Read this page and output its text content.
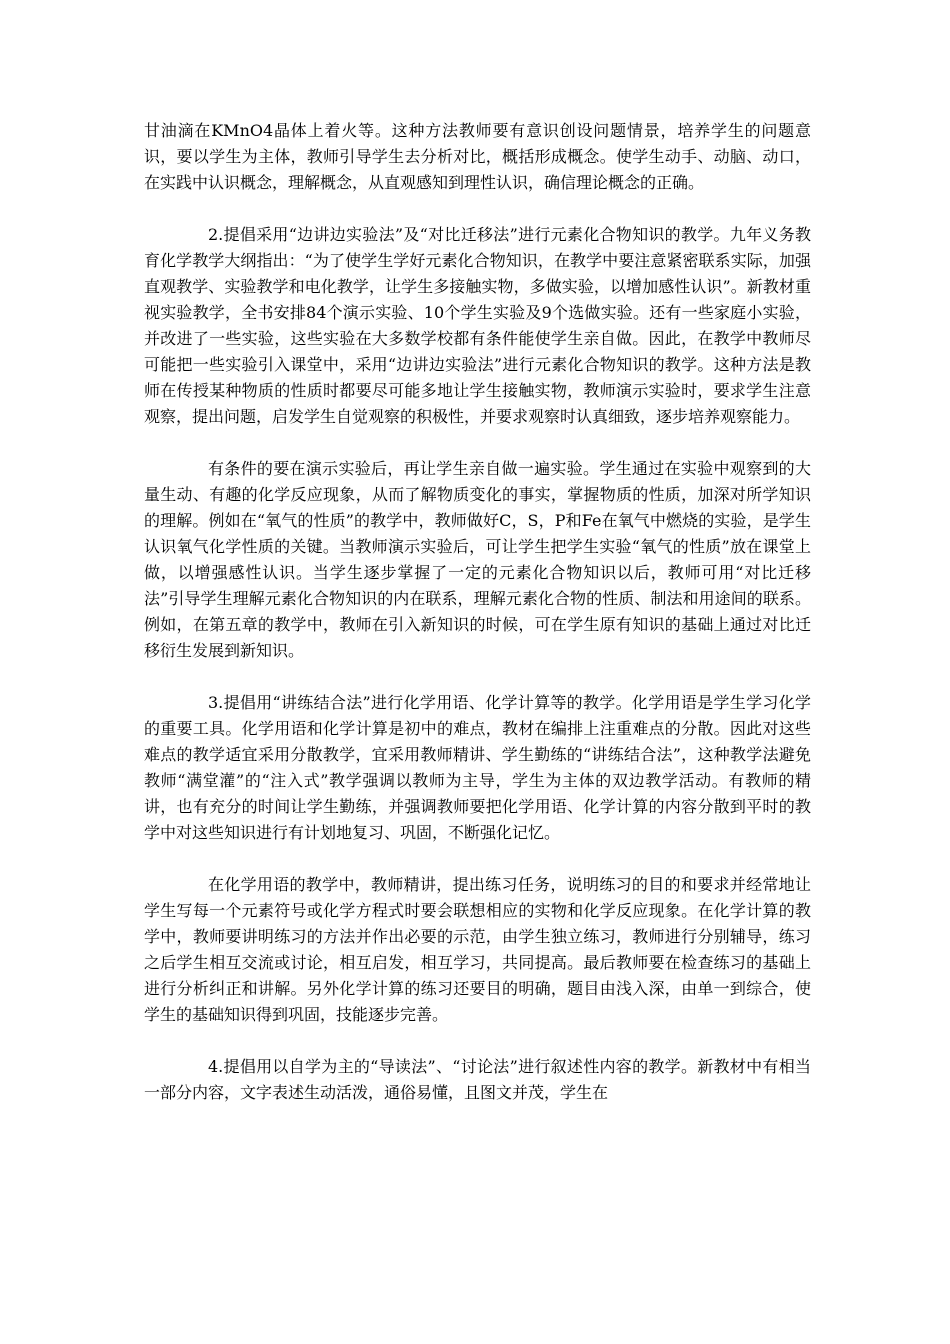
甘油滴在KMnO4晶体上着火等。这种方法教师要有意识创设问题情景，培养学生的问题意识，要以学生为主体，教师引导学生去分析对比，概括形成概念。使学生动手、动脑、动口，在实践中认识概念，理解概念，从直观感知到理性认识，确信理论概念的正确。

2.提倡采用“边讲边实验法”及“对比迁移法”进行元素化合物知识的教学。九年义务教育化学教学大纲指出：“为了使学生学好元素化合物知识，在教学中要注意紧密联系实际，加强直观教学、实验教学和电化教学，让学生多接触实物，多做实验，以增加感性认识”。新教材重视实验教学，全书安排84个演示实验、10个学生实验及9个选做实验。还有一些家庭小实验，并改进了一些实验，这些实验在大多数学校都有条件能使学生亲自做。因此，在教学中教师尽可能把一些实验引入课堂中，采用“边讲边实验法”进行元素化合物知识的教学。这种方法是教师在传授某种物质的性质时都要尽可能多地让学生接触实物，教师演示实验时，要求学生注意观察，提出问题，启发学生自觉观察的积极性，并要求观察时认真细致，逐步培养观察能力。

有条件的要在演示实验后，再让学生亲自做一遍实验。学生通过在实验中观察到的大量生动、有趣的化学反应现象，从而了解物质变化的事实，掌握物质的性质，加深对所学知识的理解。例如在“氧气的性质”的教学中，教师做好C，S，P和Fe在氧气中燃烧的实验，是学生认识氧气化学性质的关键。当教师演示实验后，可让学生把学生实验“氧气的性质”放在课堂上做，以增强感性认识。当学生逐步掌握了一定的元素化合物知识以后，教师可用“对比迁移法”引导学生理解元素化合物知识的内在联系，理解元素化合物的性质、制法和用途间的联系。例如，在第五章的教学中，教师在引入新知识的时候，可在学生原有知识的基础上通过对比迁移衍生发展到新知识。

3.提倡用“讲练结合法”进行化学用语、化学计算等的教学。化学用语是学生学习化学的重要工具。化学用语和化学计算是初中的难点，教材在编排上注重难点的分散。因此对这些难点的教学适宜采用分散教学，宜采用教师精讲、学生勤练的“讲练结合法”，这种教学法避免教师“满堂灌”的“注入式”教学强调以教师为主导，学生为主体的双边教学活动。有教师的精讲，也有充分的时间让学生勤练，并强调教师要把化学用语、化学计算的内容分散到平时的教学中对这些知识进行有计划地复习、巩固，不断强化记忆。

在化学用语的教学中，教师精讲，提出练习任务，说明练习的目的和要求并经常地让学生写每一个元素符号或化学方程式时要会联想相应的实物和化学反应现象。在化学计算的教学中，教师要讲明练习的方法并作出必要的示范，由学生独立练习，教师进行分别辅导，练习之后学生相互交流或讨论，相互启发，相互学习，共同提高。最后教师要在检查练习的基础上进行分析纠正和讲解。另外化学计算的练习还要目的明确，题目由浅入深，由单一到综合，使学生的基础知识得到巩固，技能逐步完善。

4.提倡用以自学为主的“导读法”、“讨论法”进行叙述性内容的教学。新教材中有相当一部分内容，文字表述生动活泼，通俗易懂，且图文并茂，学生在
